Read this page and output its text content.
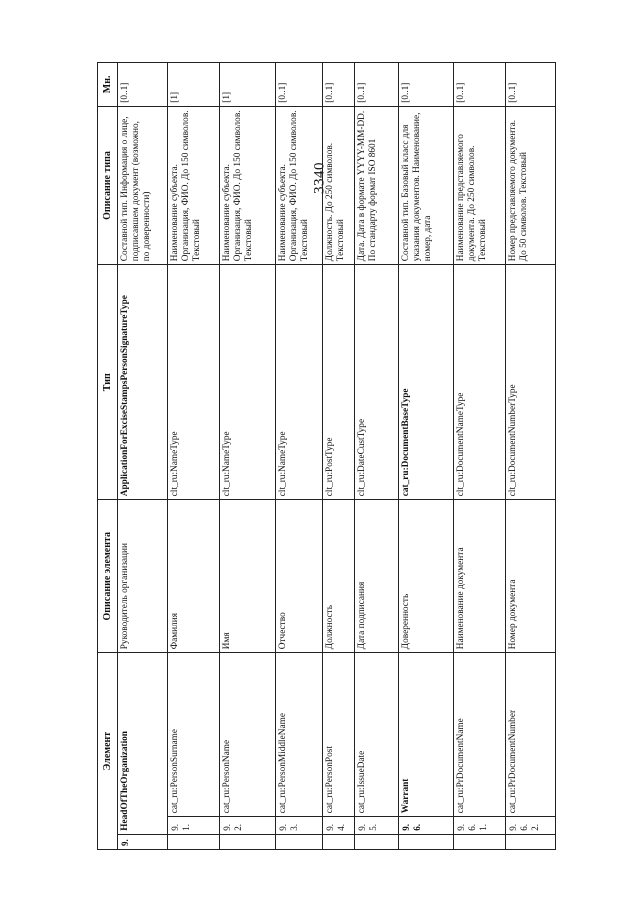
3340
Элемент			Описание элемента	Тип	Описание типа	Мн.
9.	HeadOfTheOrganization		Руководитель организации	ApplicationForExciseStampsPersonSignatureType	Составной тип. Информация о лице, подписавшем документ (возможно, по доверенности)	[0..1]
	9.1.	cat_ru:PersonSurname	Фамилия	clt_ru:NameType	Наименование субъекта. Организация, ФИО. До 150 символов. Текстовый	[1]
	9.2.	cat_ru:PersonName	Имя	clt_ru:NameType	Наименование субъекта. Организация, ФИО. До 150 символов. Текстовый	[1]
	9.3.	cat_ru:PersonMiddleName	Отчество	clt_ru:NameType	Наименование субъекта. Организация, ФИО. До 150 символов. Текстовый	[0..1]
	9.4.	cat_ru:PersonPost	Должность	clt_ru:PostType	Должность. До 250 символов. Текстовый	[0..1]
	9.5.	cat_ru:IssueDate	Дата подписания	clt_ru:DateCustType	Дата. Дата в формате YYYY-MM-DD. По стандарту формат ISO 8601	[0..1]
	9.6.	Warrant	Доверенность	cat_ru:DocumentBaseType	Составной тип. Базовый класс для указания документов. Наименование, номер, дата	[0..1]
	9.6.1.	cat_ru:PrDocumentName	Наименование документа	clt_ru:DocumentNameType	Наименование представляемого документа. До 250 символов. Текстовый	[0..1]
	9.6.2.	cat_ru:PrDocumentNumber	Номер документа	clt_ru:DocumentNumberType	Номер представляемого документа. До 50 символов. Текстовый	[0..1]
